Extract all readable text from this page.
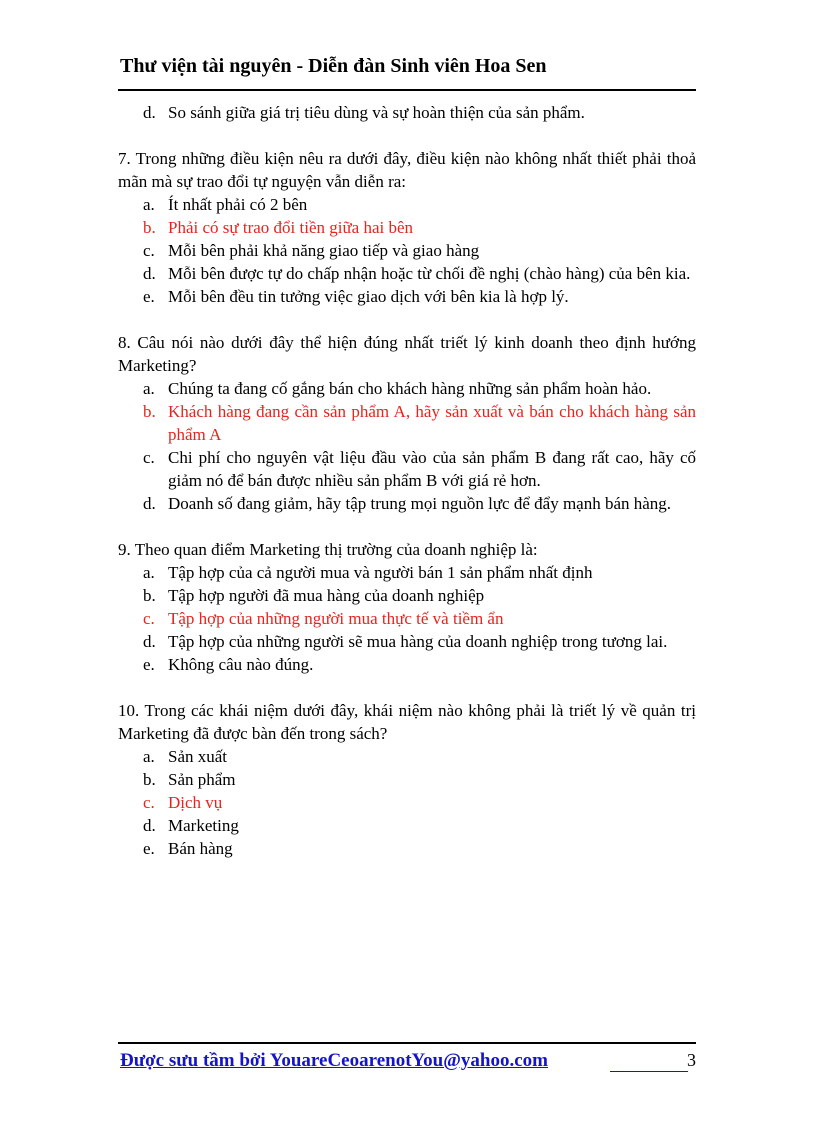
Thư viện tài nguyên - Diễn đàn Sinh viên Hoa Sen
d. So sánh giữa giá trị tiêu dùng và sự hoàn thiện của sản phẩm.

7. Trong những điều kiện nêu ra dưới đây, điều kiện nào không nhất thiết phải thoả mãn mà sự trao đổi tự nguyện vẫn diễn ra:

a. Ít nhất phải có 2 bên
b. Phải có sự trao đổi tiền giữa hai bên
c. Mỗi bên phải khả năng giao tiếp và giao hàng
d. Mỗi bên được tự do chấp nhận hoặc từ chối đề nghị (chào hàng) của bên kia.
e. Mỗi bên đều tin tưởng việc giao dịch với bên kia là hợp lý.

8. Câu nói nào dưới đây thể hiện đúng nhất triết lý kinh doanh theo định hướng Marketing?

a. Chúng ta đang cố gắng bán cho khách hàng những sản phẩm hoàn hảo.
b. Khách hàng đang cần sản phẩm A, hãy sản xuất và bán cho khách hàng sản phẩm A
c. Chi phí cho nguyên vật liệu đầu vào của sản phẩm B đang rất cao, hãy cố giảm nó để bán được nhiều sản phẩm B với giá rẻ hơn.
d. Doanh số đang giảm, hãy tập trung mọi nguồn lực để đẩy mạnh bán hàng.

9. Theo quan điểm Marketing thị trường của doanh nghiệp là:

a. Tập hợp của cả người mua và người bán 1 sản phẩm nhất định
b. Tập hợp người đã mua hàng của doanh nghiệp
c. Tập hợp của những người mua thực tế và tiềm ẩn
d. Tập hợp của những người sẽ mua hàng của doanh nghiệp trong tương lai.
e. Không câu nào đúng.

10. Trong các khái niệm dưới đây, khái niệm nào không phải là triết lý về quản trị Marketing đã được bàn đến trong sách?

a. Sản xuất
b. Sản phẩm
c. Dịch vụ
d. Marketing
e. Bán hàng
Được sưu tầm bởi YouareCeoarenotYou@yahoo.com	3
